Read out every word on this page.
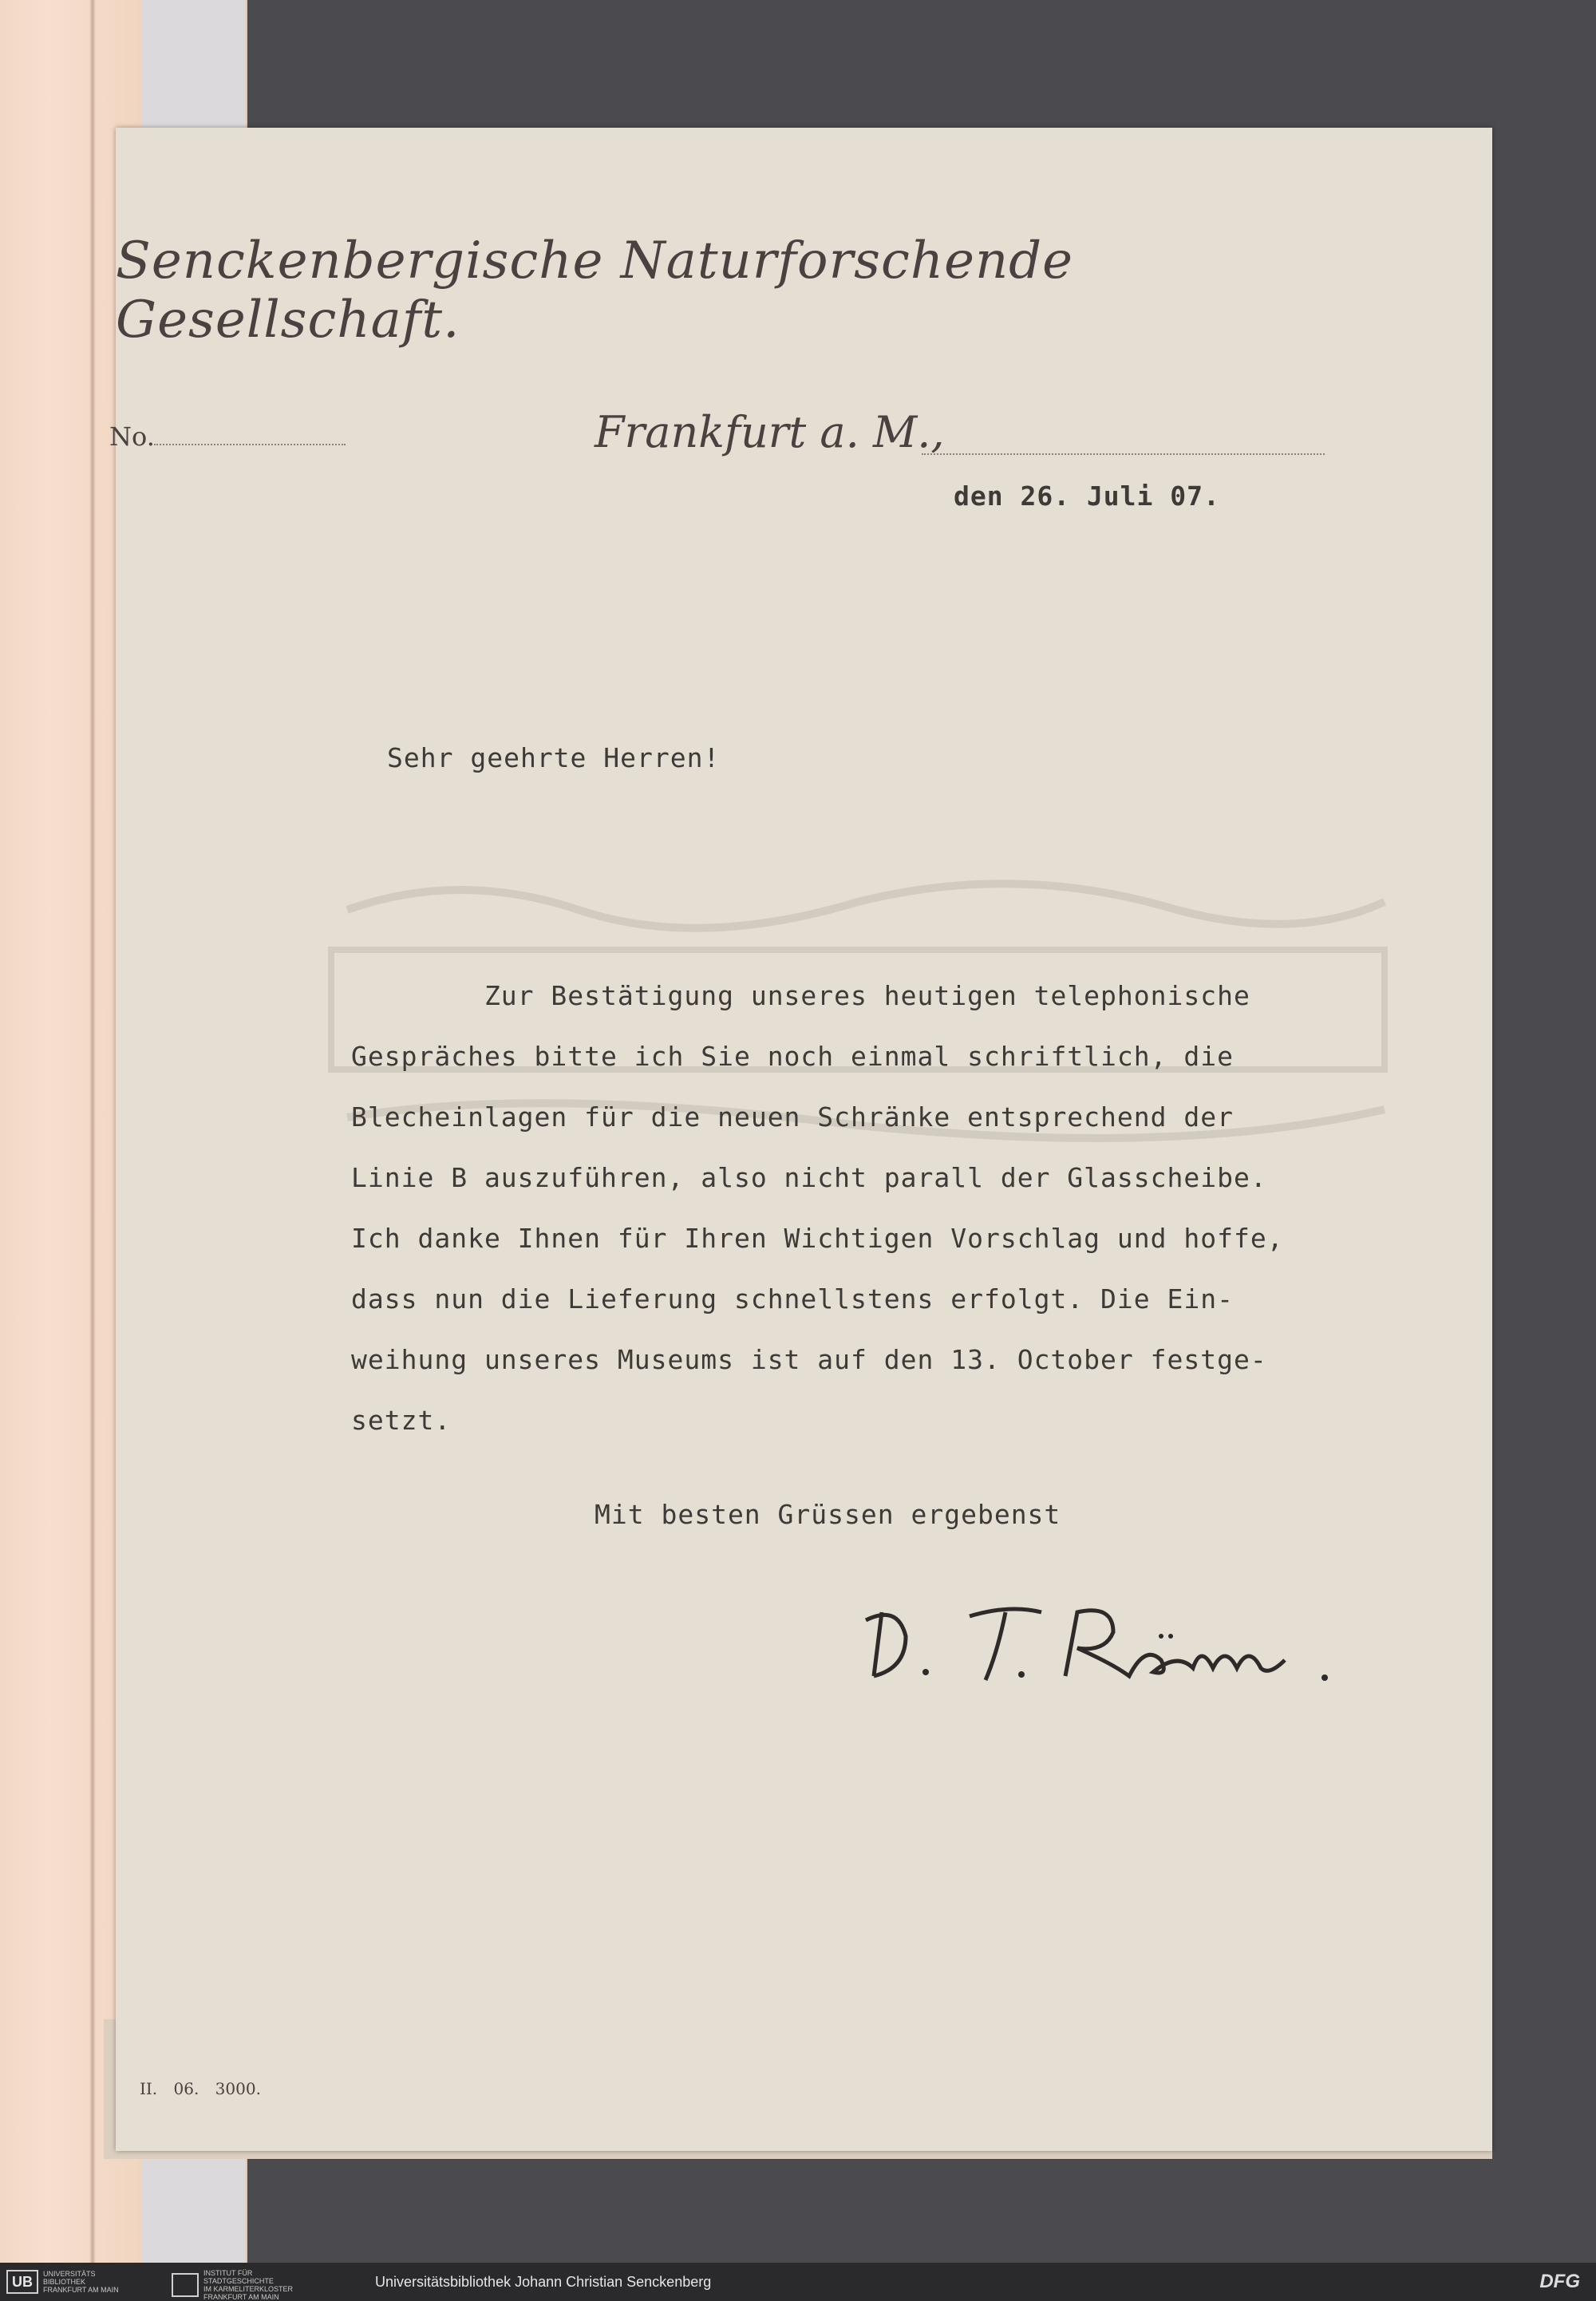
Senckenbergische Naturforschende Gesellschaft.
No.	Frankfurt a. M.,
den 26. Juli 07.
Sehr geehrte Herren!
Zur Bestätigung unseres heutigen telephonische
Gespräches bitte ich Sie noch einmal schriftlich, die
Blecheinlagen für die neuen Schränke entsprechend der
Linie B auszuführen, also nicht parall der Glasscheibe.
Ich danke Ihnen für Ihren Wichtigen Vorschlag und hoffe,
dass nun die Lieferung schnellstens erfolgt. Die Ein-
weihung unseres Museums ist auf den 13. October festge-
setzt.
Mit besten Grüssen ergebenst
II. 06. 3000.
UB	UNIVERSITÄTS
BIBLIOTHEK
FRANKFURT AM MAIN
INSTITUT FÜR
STADTGESCHICHTE
IM KARMELITERKLOSTER
FRANKFURT AM MAIN
Universitätsbibliothek Johann Christian Senckenberg	DFG
